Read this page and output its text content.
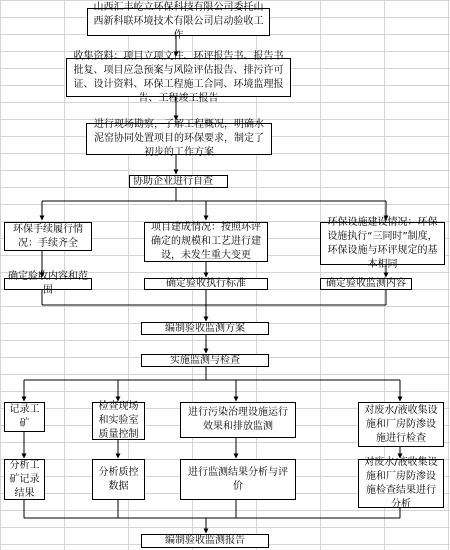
山西汇丰屹立环保科技有限公司委托山西新科联环境技术有限公司启动验收工作
收集资料：项目立项文件、环评报告书、报告书批复、项目应急预案与风险评估报告、排污许可证、设计资料、环保工程施工合同、环境监理报告、工程竣工报告
进行现场勘察，了解工程概况，明确水泥窑协同处置项目的环保要求，制定了初步的工作方案
协助企业进行自查
环保手续履行情况：手续齐全
项目建成情况：按照环评确定的规模和工艺进行建设，未发生重大变更
环保设施建设情况：环保设施执行“三同时”制度，环保设施与环评规定的基本相同
确定验收内容和范围
确定验收执行标准	确定验收监测内容
编制验收监测方案
实施监测与检查
记录工矿
检查现场和实验室质量控制
进行污染治理设施运行效果和排放监测
对废水/液收集设施和厂房防渗设施进行检查
分析工矿记录结果
分析质控数据
进行监测结果分析与评价
对废水/液收集设施和厂房防渗设施检查结果进行分析
编制验收监测报告
